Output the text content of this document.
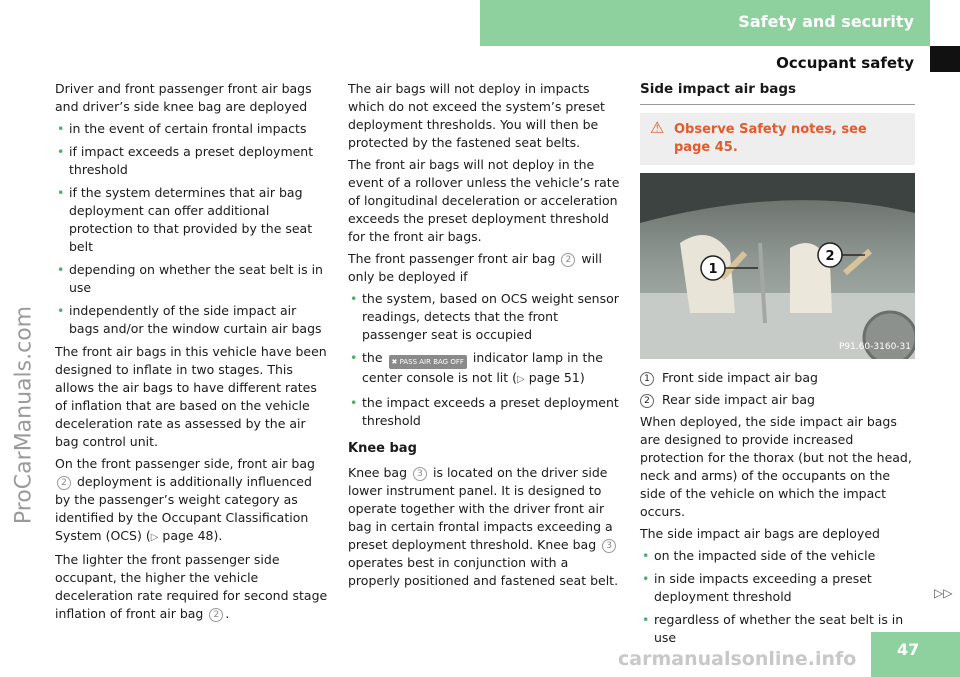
Safety and security
Occupant safety
ProCarManuals.com

Driver and front passenger front air bags and driver’s side knee bag are deployed

• in the event of certain frontal impacts
• if impact exceeds a preset deployment threshold
• if the system determines that air bag deployment can offer additional protection to that provided by the seat belt
• depending on whether the seat belt is in use
• independently of the side impact air bags and/or the window curtain air bags

The front air bags in this vehicle have been designed to inflate in two stages. This allows the air bags to have different rates of inflation that are based on the vehicle deceleration rate as assessed by the air bag control unit.

On the front passenger side, front air bag 2 deployment is additionally influenced by the passenger’s weight category as identified by the Occupant Classification System (OCS) (▷ page 48).

The lighter the front passenger side occupant, the higher the vehicle deceleration rate required for second stage inflation of front air bag 2 .

The air bags will not deploy in impacts which do not exceed the system’s preset deployment thresholds. You will then be protected by the fastened seat belts.

The front air bags will not deploy in the event of a rollover unless the vehicle’s rate of longitudinal deceleration or acceleration exceeds the preset deployment threshold for the front air bags.

The front passenger front air bag 2 will only be deployed if

• the system, based on OCS weight sensor readings, detects that the front passenger seat is occupied
• the ✖ PASS AIR BAG OFF indicator lamp in the center console is not lit (▷ page 51)
• the impact exceeds a preset deployment threshold
Knee bag

Knee bag 3 is located on the driver side lower instrument panel. It is designed to operate together with the driver front air bag in certain frontal impacts exceeding a preset deployment threshold. Knee bag 3 operates best in conjunction with a properly positioned and fastened seat belt.

Side impact air bags
⚠ Observe Safety notes, see
page 45.
1
2
P91.60-3160-31
1 Front side impact air bag
2 Rear side impact air bag

When deployed, the side impact air bags are designed to provide increased protection for the thorax (but not the head, neck and arms) of the occupants on the side of the vehicle on which the impact occurs.

The side impact air bags are deployed

• on the impacted side of the vehicle
• in side impacts exceeding a preset deployment threshold
• regardless of whether the seat belt is in use
▷▷
47
carmanualsonline.info
